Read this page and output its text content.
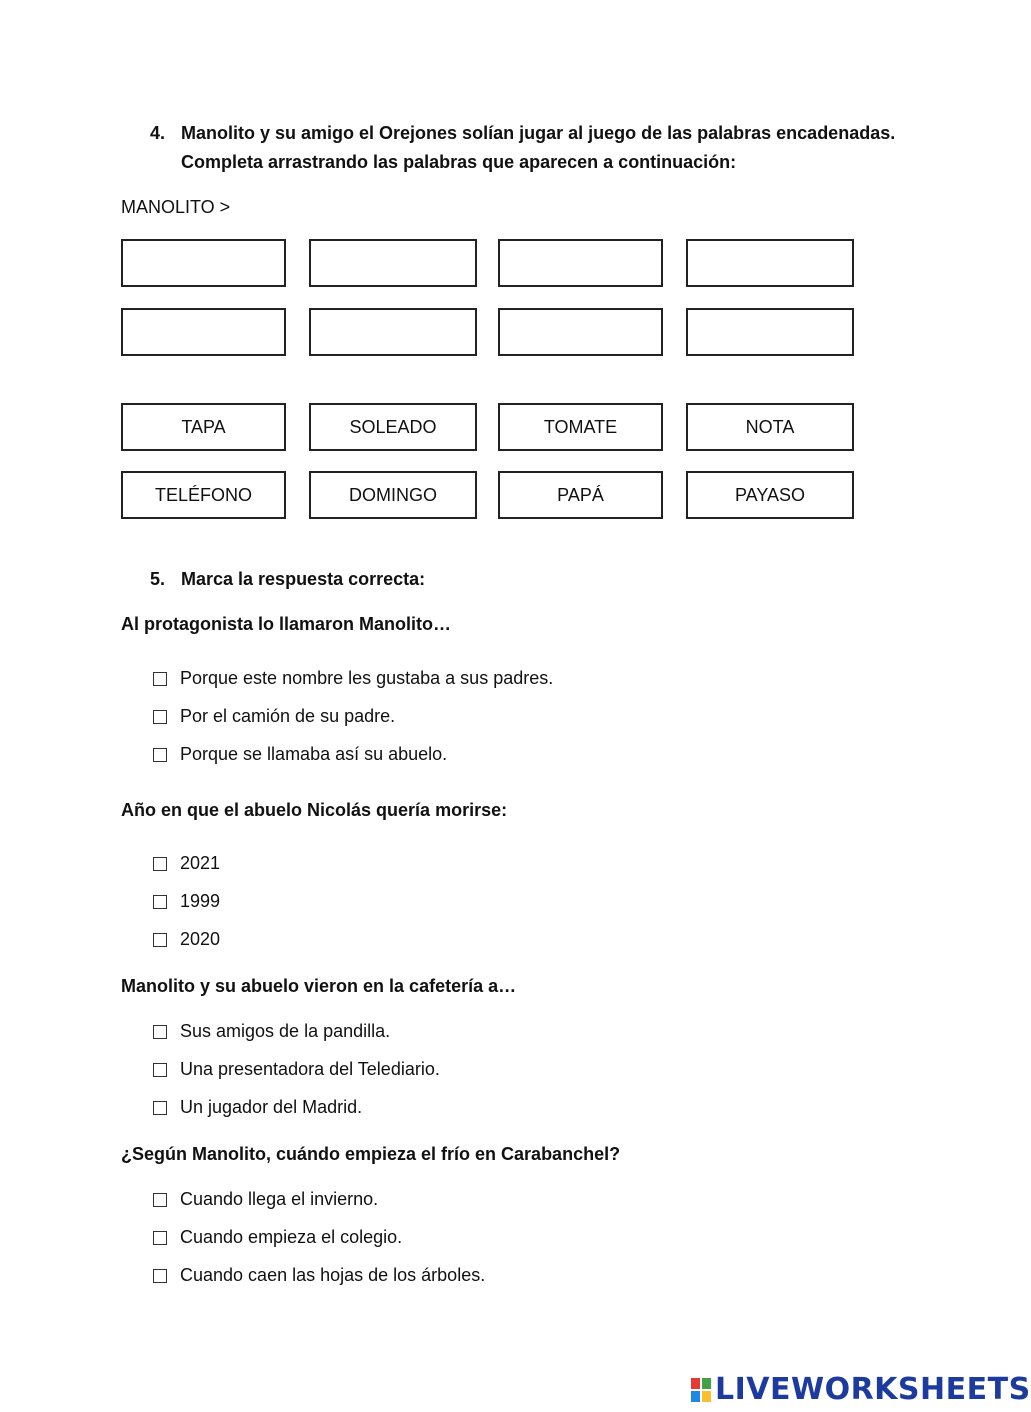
4. Manolito y su amigo el Orejones solían jugar al juego de las palabras encadenadas.
Completa arrastrando las palabras que aparecen a continuación:
MANOLITO >
TAPA	SOLEADO	TOMATE	NOTA
TELÉFONO	DOMINGO	PAPÁ	PAYASO
5. Marca la respuesta correcta:
Al protagonista lo llamaron Manolito…
Porque este nombre les gustaba a sus padres.
Por el camión de su padre.
Porque se llamaba así su abuelo.
Año en que el abuelo Nicolás quería morirse:
2021
1999
2020
Manolito y su abuelo vieron en la cafetería a…
Sus amigos de la pandilla.
Una presentadora del Telediario.
Un jugador del Madrid.
¿Según Manolito, cuándo empieza el frío en Carabanchel?
Cuando llega el invierno.
Cuando empieza el colegio.
Cuando caen las hojas de los árboles.
LIVEWORKSHEETS
